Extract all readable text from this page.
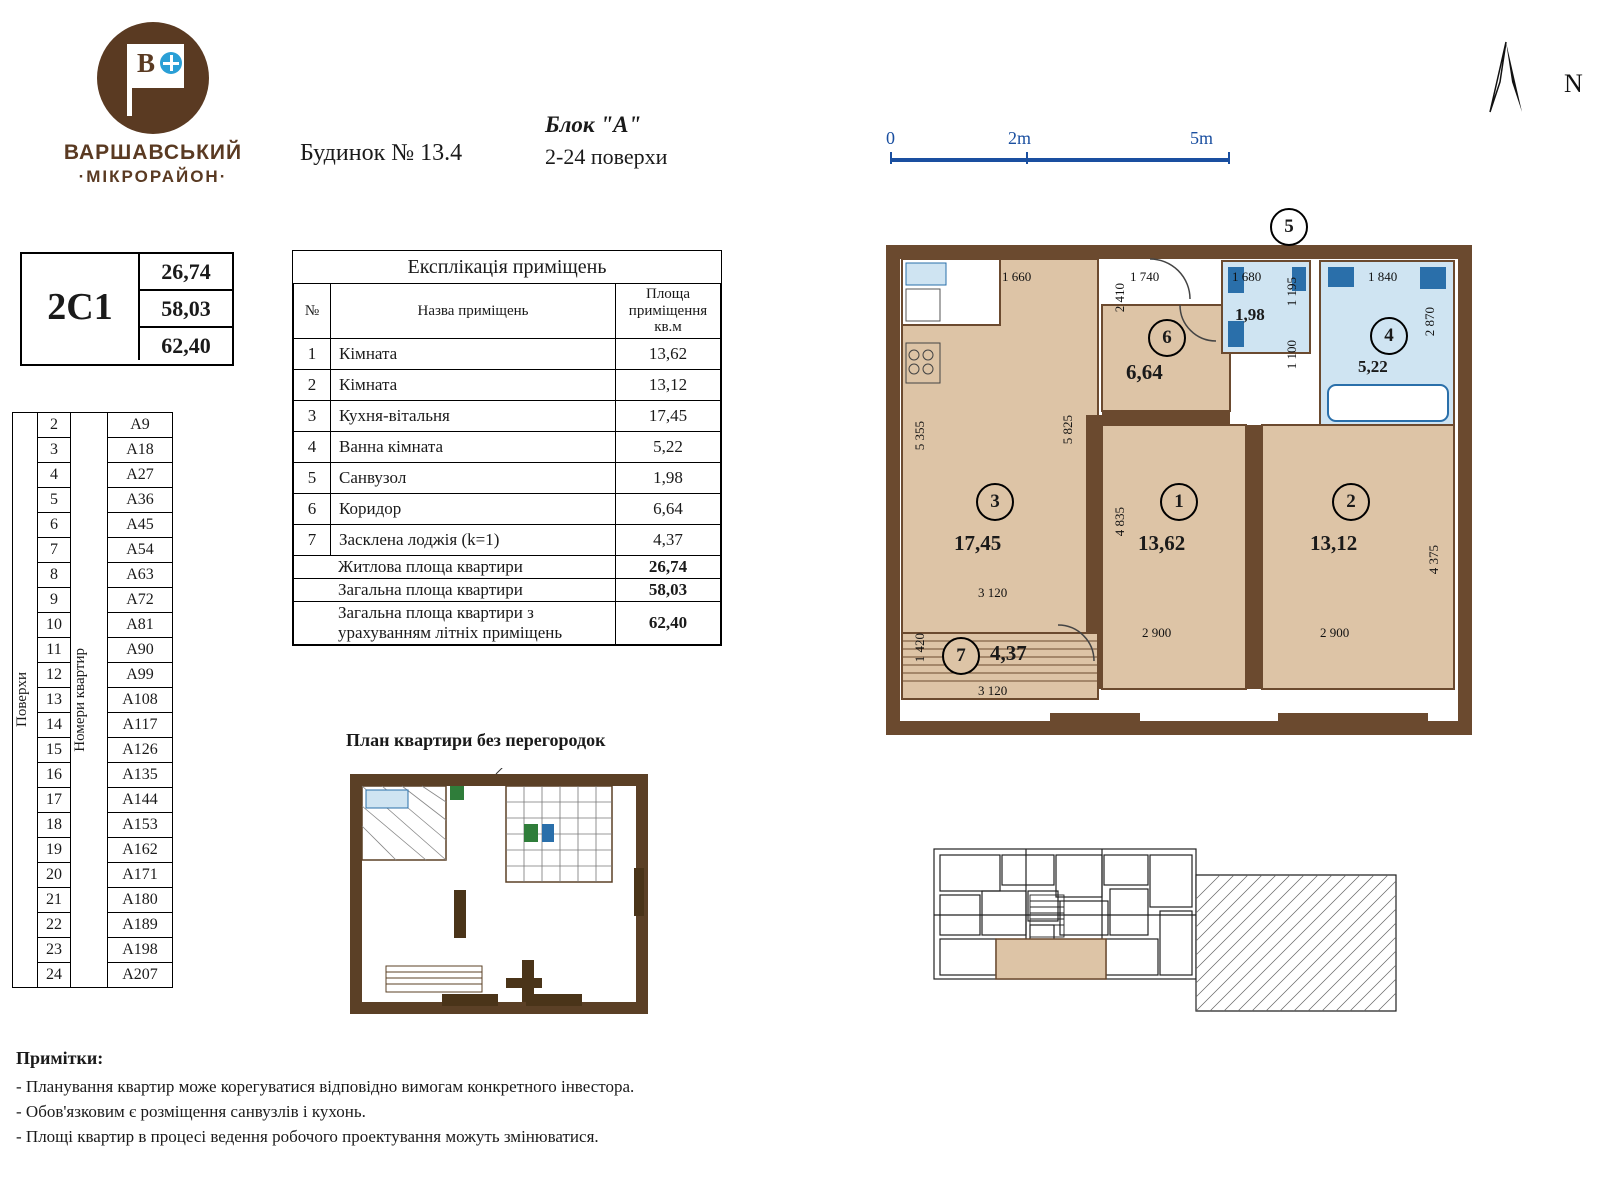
В
ВАРШАВСЬКИЙ
·МІКРОРАЙОН·
Будинок № 13.4
Блок "А"
2-24 поверхи
0	2m	5m
N
2С1
26,74
58,03
62,40
Поверхи	2	Номери квартир	А9
	3		А18
	4		А27
	5		А36
	6		А45
	7		А54
	8		А63
	9		А72
	10		А81
	11		А90
	12		А99
	13		А108
	14		А117
	15		А126
	16		А135
	17		А144
	18		А153
	19		А162
	20		А171
	21		А180
	22		А189
	23		А198
	24		А207
Експлікація приміщень		
№	Назва приміщень	Площа приміщення кв.м
1	Кімната	13,62
2	Кімната	13,12
3	Кухня-вітальня	17,45
4	Ванна кімната	5,22
5	Санвузол	1,98
6	Коридор	6,64
7	Засклена лоджія (k=1)	4,37
Житлова площа квартири		26,74
Загальна площа квартири		58,03
Загальна площа квартири з урахуванням літніх приміщень		62,40
3
17,45
1
13,62
2
13,12
4
5,22
5
1,98
6
6,64
7	4,37
1 660	1 740	1 680	1 840
5 355	5 825
2 410	1 195
1 100
2 870
4 835
4 375
1 420
3 120
2 900	2 900
3 120
План квартири без перегородок
Примітки:
- Планування квартир може корегуватися відповідно вимогам конкретного інвестора.
- Обов'язковим є розміщення санвузлів і кухонь.
- Площі квартир в процесі ведення робочого проектування можуть змінюватися.
